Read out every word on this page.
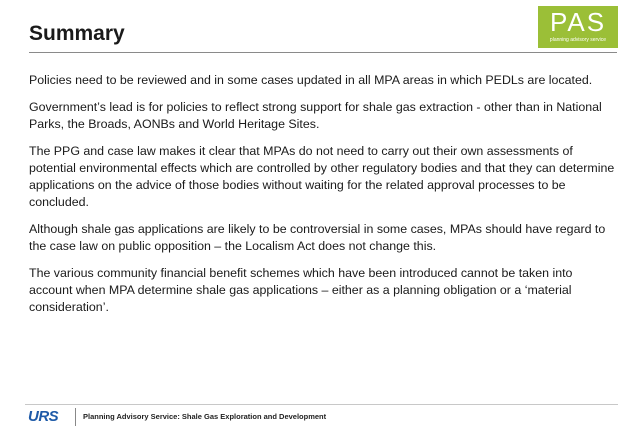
Summary	PAS
planning advisory service

Policies need to be reviewed and in some cases updated in all MPA areas in which PEDLs are located.

Government’s lead is for policies to reflect strong support for shale gas extraction - other than in National Parks, the Broads, AONBs and World Heritage Sites.

The PPG and case law makes it clear that MPAs do not need to carry out their own assessments of potential environmental effects which are controlled by other regulatory bodies and that they can determine applications on the advice of those bodies without waiting for the related approval processes to be concluded.

Although shale gas applications are likely to be controversial in some cases, MPAs should have regard to the case law on public opposition – the Localism Act does not change this.

The various community financial benefit schemes which have been introduced cannot be taken into account when MPA determine shale gas applications – either as a planning obligation or a ‘material consideration’.

URS	Planning Advisory Service: Shale Gas Exploration and Development
